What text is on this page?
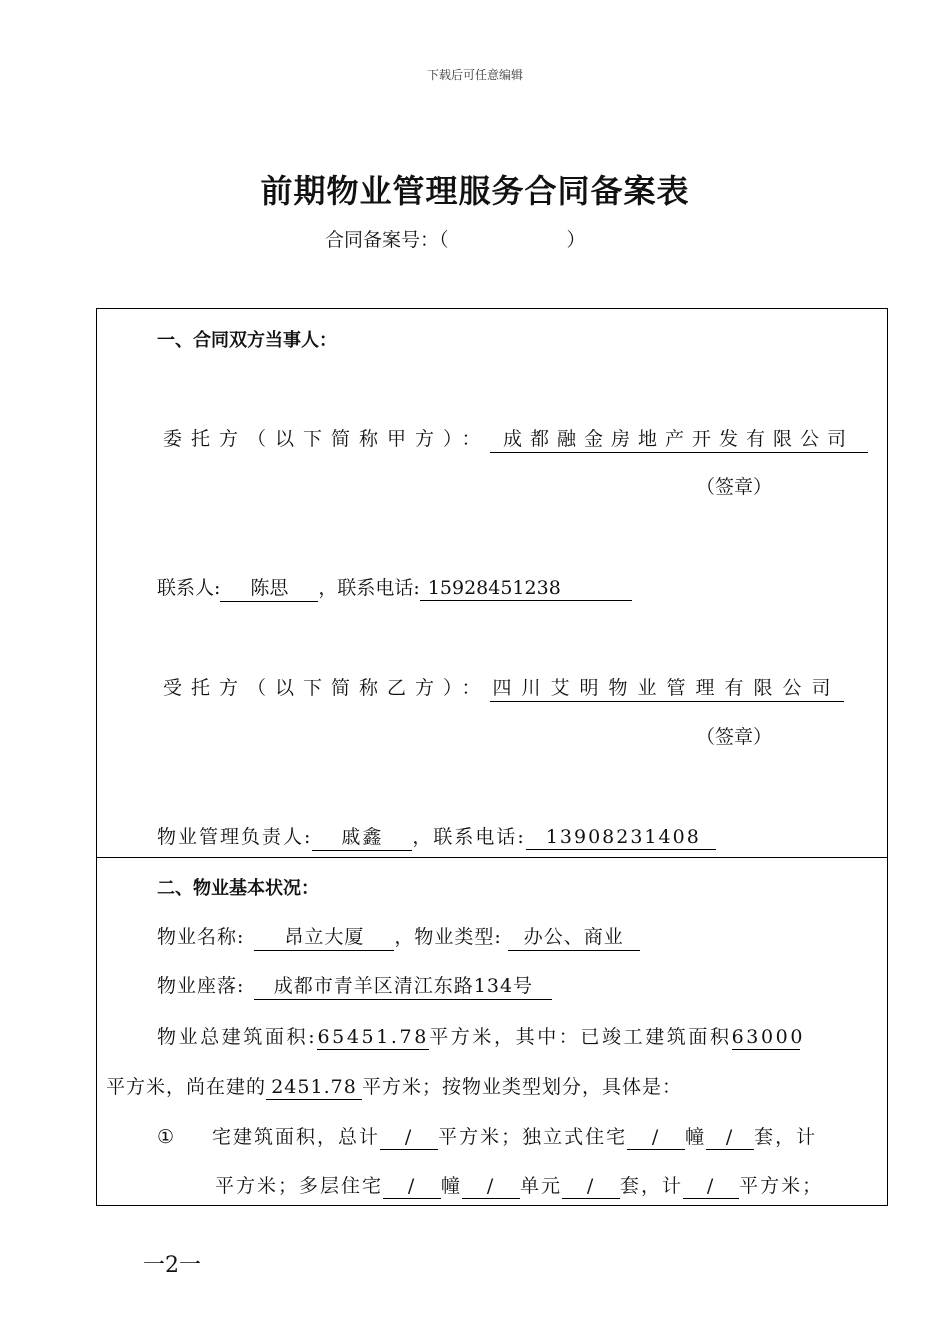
下载后可任意编辑
前期物业管理服务合同备案表
合同备案号：（	）
一、合同双方当事人：
委托方（以下简称甲方）： 成都融金房地产开发有限公司
（签章）
联系人: 陈思 ，联系电话: 15928451238
受托方（以下简称乙方）： 四川艾明物业管理有限公司
（签章）
物业管理负责人: 戚鑫 ，联系电话: 13908231408
二、物业基本状况：
物业名称: 昂立大厦 ，物业类型: 办公、商业
物业座落: 成都市青羊区清江东路134号
物业总建筑面积:65451.78平方米，其中：已竣工建筑面积63000
平方米，尚在建的 2451.78 平方米；按物业类型划分，具体是：
① 宅建筑面积，总计 / 平方米；独立式住宅 / 幢 / 套，计
平方米；多层住宅 / 幢 / 单元 / 套，计 / 平方米；
一2一
